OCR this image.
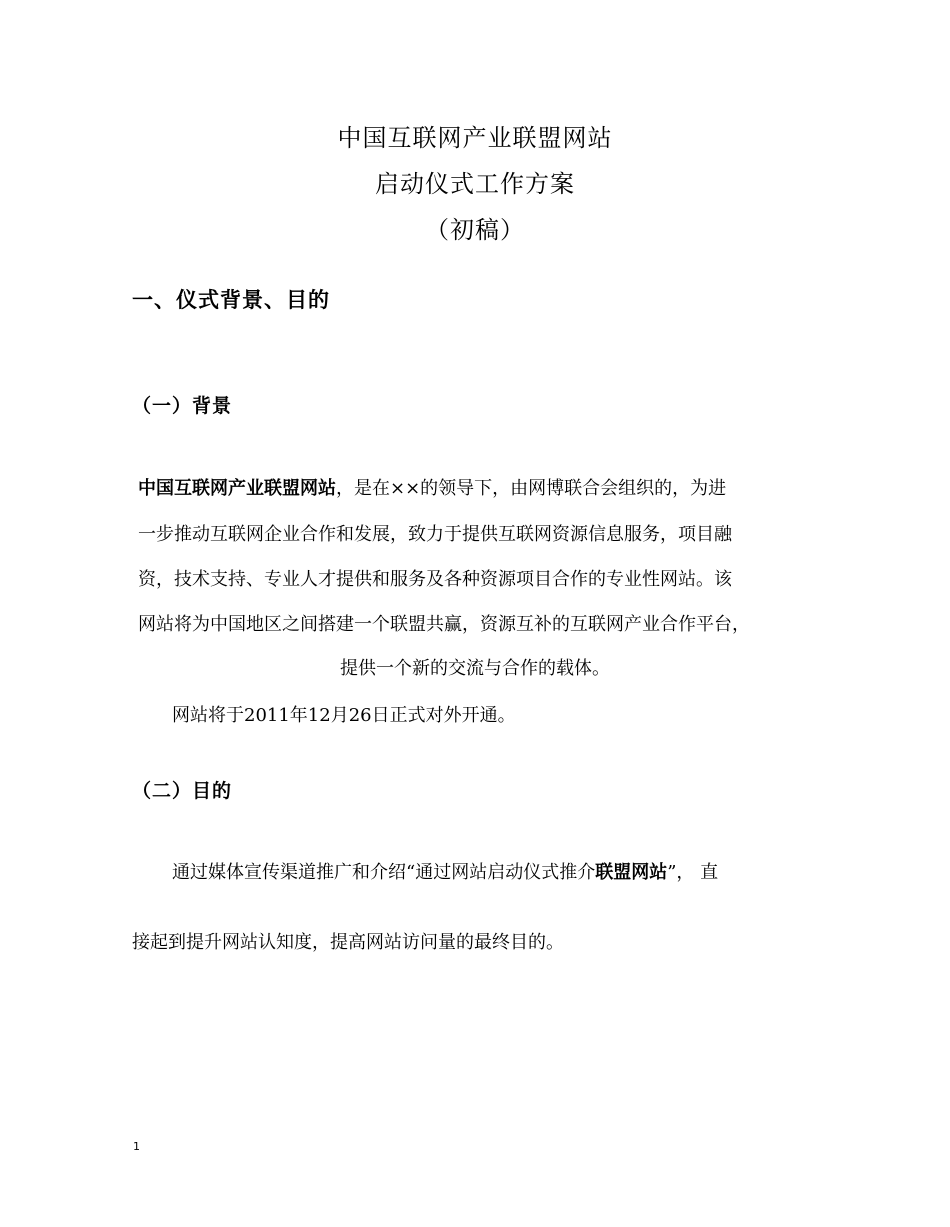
中国互联网产业联盟网站
启动仪式工作方案
（初稿）
一、仪式背景、目的
（一）背景
中国互联网产业联盟网站，是在××的领导下，由网博联合会组织的，为进
一步推动互联网企业合作和发展，致力于提供互联网资源信息服务，项目融
资，技术支持、专业人才提供和服务及各种资源项目合作的专业性网站。该
网站将为中国地区之间搭建一个联盟共赢，资源互补的互联网产业合作平台，
提供一个新的交流与合作的载体。
网站将于2011年12月26日正式对外开通。
（二）目的
通过媒体宣传渠道推广和介绍“通过网站启动仪式推介联盟网站”， 直
接起到提升网站认知度，提高网站访问量的最终目的。
1
